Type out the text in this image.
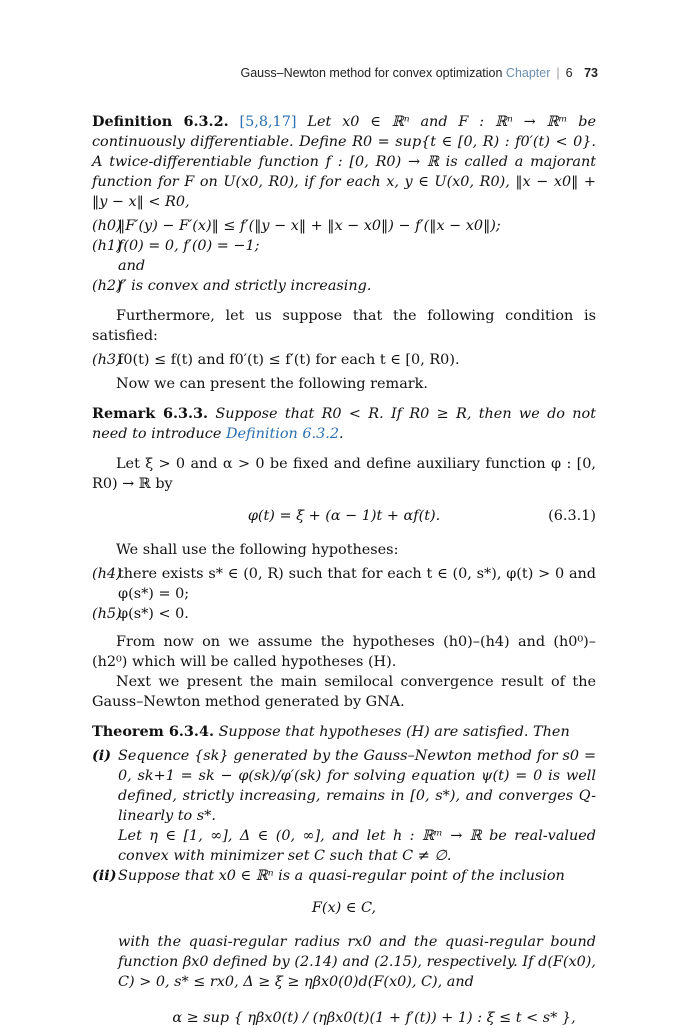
Gauss–Newton method for convex optimization Chapter | 6 73

Definition 6.3.2. [5,8,17] Let x0 ∈ ℝⁿ and F : ℝⁿ → ℝᵐ be continuously differentiable. Define R0 = sup{t ∈ [0, R) : f0′(t) < 0}. A twice-differentiable function f : [0, R0) → ℝ is called a majorant function for F on U(x0, R0), if for each x, y ∈ U(x0, R0), ‖x − x0‖ + ‖y − x‖ < R0,

(h0)
‖F′(y) − F′(x)‖ ≤ f′(‖y − x‖ + ‖x − x0‖) − f′(‖x − x0‖);
(h1)
f(0) = 0, f′(0) = −1;
and
(h2)
f′ is convex and strictly increasing.

Furthermore, let us suppose that the following condition is satisfied:

(h3)
f0(t) ≤ f(t) and f0′(t) ≤ f′(t) for each t ∈ [0, R0).

Now we can present the following remark.

Remark 6.3.3. Suppose that R0 < R. If R0 ≥ R, then we do not need to introduce Definition 6.3.2.

Let ξ > 0 and α > 0 be fixed and define auxiliary function φ : [0, R0) → ℝ by

φ(t) = ξ + (α − 1)t + αf(t).	(6.3.1)

We shall use the following hypotheses:

(h4)
there exists s* ∈ (0, R) such that for each t ∈ (0, s*), φ(t) > 0 and φ(s*) = 0;
(h5)
φ(s*) < 0.

From now on we assume the hypotheses (h0)–(h4) and (h0⁰)–(h2⁰) which will be called hypotheses (H).

Next we present the main semilocal convergence result of the Gauss–Newton method generated by GNA.

Theorem 6.3.4. Suppose that hypotheses (H) are satisfied. Then

(i) Sequence {sk} generated by the Gauss–Newton method for s0 = 0, sk+1 = sk − φ(sk)/φ′(sk) for solving equation ψ(t) = 0 is well defined, strictly increasing, remains in [0, s*), and converges Q-linearly to s*.
Let η ∈ [1, ∞], Δ ∈ (0, ∞], and let h : ℝᵐ → ℝ be real-valued convex with minimizer set C such that C ≠ ∅.
(ii) Suppose that x0 ∈ ℝⁿ is a quasi-regular point of the inclusion
F(x) ∈ C,
with the quasi-regular radius rx0 and the quasi-regular bound function βx0 defined by (2.14) and (2.15), respectively. If d(F(x0), C) > 0, s* ≤ rx0, Δ ≥ ξ ≥ ηβx0(0)d(F(x0), C), and
α ≥ sup { ηβx0(t) / (ηβx0(t)(1 + f′(t)) + 1) : ξ ≤ t < s* },
